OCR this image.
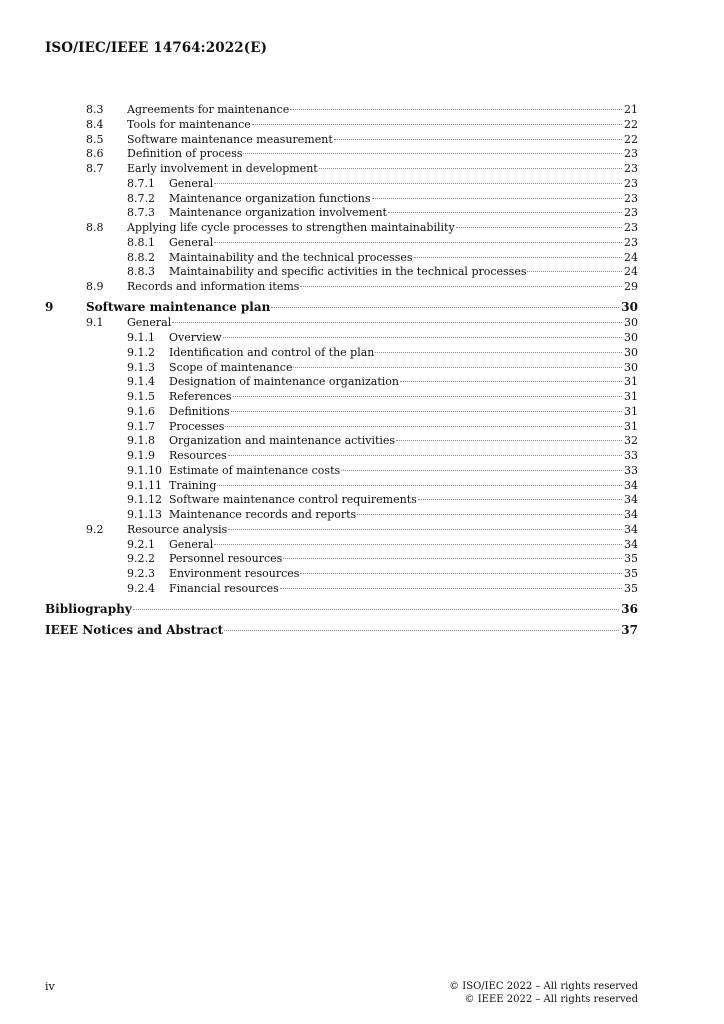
ISO/IEC/IEEE 14764:2022(E)
8.3	Agreements for maintenance	21
8.4	Tools for maintenance	22
8.5	Software maintenance measurement	22
8.6	Definition of process	23
8.7	Early involvement in development	23
8.7.1	General	23
8.7.2	Maintenance organization functions	23
8.7.3	Maintenance organization involvement	23
8.8	Applying life cycle processes to strengthen maintainability	23
8.8.1	General	23
8.8.2	Maintainability and the technical processes	24
8.8.3	Maintainability and specific activities in the technical processes	24
8.9	Records and information items	29
9	Software maintenance plan	30
9.1	General	30
9.1.1	Overview	30
9.1.2	Identification and control of the plan	30
9.1.3	Scope of maintenance	30
9.1.4	Designation of maintenance organization	31
9.1.5	References	31
9.1.6	Definitions	31
9.1.7	Processes	31
9.1.8	Organization and maintenance activities	32
9.1.9	Resources	33
9.1.10 Estimate of maintenance costs	33
9.1.11 Training	34
9.1.12 Software maintenance control requirements	34
9.1.13 Maintenance records and reports	34
9.2	Resource analysis	34
9.2.1	General	34
9.2.2	Personnel resources	35
9.2.3	Environment resources	35
9.2.4	Financial resources	35
Bibliography	36
IEEE Notices and Abstract	37
iv	© ISO/IEC 2022 – All rights reserved
© IEEE 2022 – All rights reserved
